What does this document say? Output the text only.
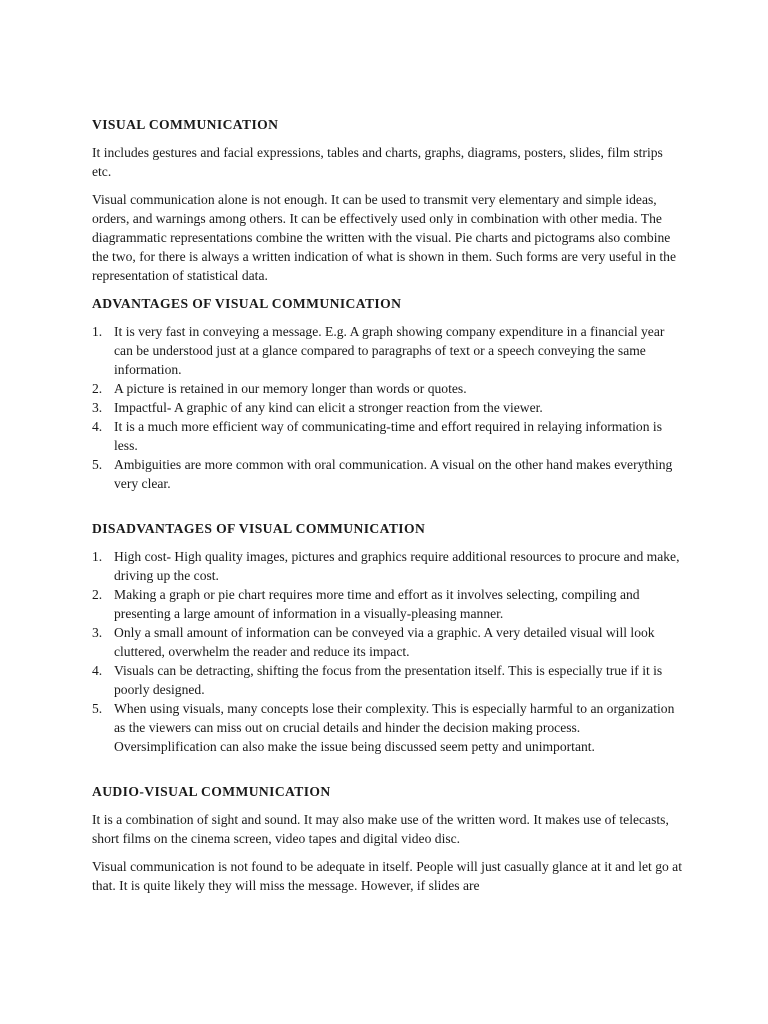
VISUAL COMMUNICATION

It includes gestures and facial expressions, tables and charts, graphs, diagrams, posters, slides, film strips etc.

Visual communication alone is not enough. It can be used to transmit very elementary and simple ideas, orders, and warnings among others. It can be effectively used only in combination with other media. The diagrammatic representations combine the written with the visual. Pie charts and pictograms also combine the two, for there is always a written indication of what is shown in them. Such forms are very useful in the representation of statistical data.

ADVANTAGES OF VISUAL COMMUNICATION
1. It is very fast in conveying a message. E.g. A graph showing company expenditure in a financial year can be understood just at a glance compared to paragraphs of text or a speech conveying the same information.
2. A picture is retained in our memory longer than words or quotes.
3. Impactful- A graphic of any kind can elicit a stronger reaction from the viewer.
4. It is a much more efficient way of communicating-time and effort required in relaying information is less.
5. Ambiguities are more common with oral communication. A visual on the other hand makes everything very clear.
DISADVANTAGES OF VISUAL COMMUNICATION
1. High cost- High quality images, pictures and graphics require additional resources to procure and make, driving up the cost.
2. Making a graph or pie chart requires more time and effort as it involves selecting, compiling and presenting a large amount of information in a visually-pleasing manner.
3. Only a small amount of information can be conveyed via a graphic. A very detailed visual will look cluttered, overwhelm the reader and reduce its impact.
4. Visuals can be detracting, shifting the focus from the presentation itself. This is especially true if it is poorly designed.
5. When using visuals, many concepts lose their complexity. This is especially harmful to an organization as the viewers can miss out on crucial details and hinder the decision making process. Oversimplification can also make the issue being discussed seem petty and unimportant.
AUDIO-VISUAL COMMUNICATION

It is a combination of sight and sound. It may also make use of the written word. It makes use of telecasts, short films on the cinema screen, video tapes and digital video disc.

Visual communication is not found to be adequate in itself. People will just casually glance at it and let go at that. It is quite likely they will miss the message. However, if slides are
